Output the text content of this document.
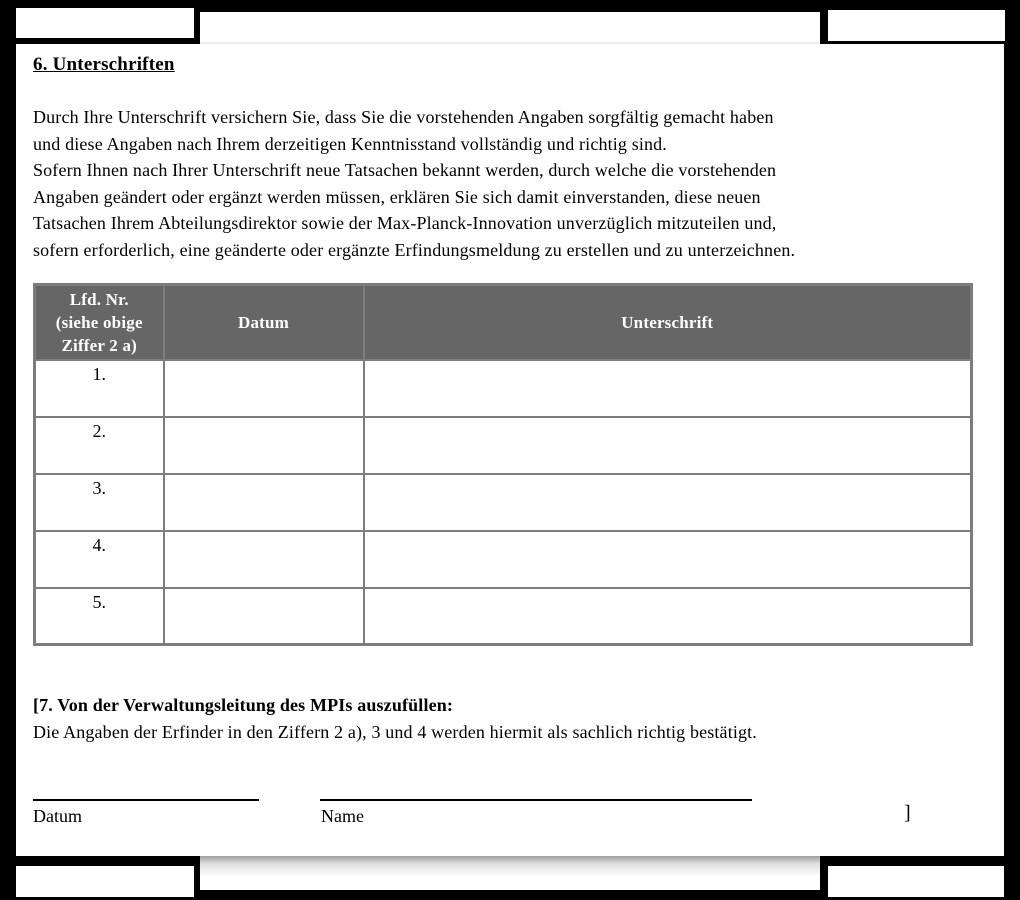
6. Unterschriften
Durch Ihre Unterschrift versichern Sie, dass Sie die vorstehenden Angaben sorgfältig gemacht haben
und diese Angaben nach Ihrem derzeitigen Kenntnisstand vollständig und richtig sind.
Sofern Ihnen nach Ihrer Unterschrift neue Tatsachen bekannt werden, durch welche die vorstehenden
Angaben geändert oder ergänzt werden müssen, erklären Sie sich damit einverstanden, diese neuen
Tatsachen Ihrem Abteilungsdirektor sowie der Max-Planck-Innovation unverzüglich mitzuteilen und,
sofern erforderlich, eine geänderte oder ergänzte Erfindungsmeldung zu erstellen und zu unterzeichnen.
Lfd. Nr.
(siehe obige
Ziffer 2 a)	Datum	Unterschrift
1.		
2.		
3.		
4.		
5.		
[7. Von der Verwaltungsleitung des MPIs auszufüllen:
Die Angaben der Erfinder in den Ziffern 2 a), 3 und 4 werden hiermit als sachlich richtig bestätigt.
Datum	Name	]
